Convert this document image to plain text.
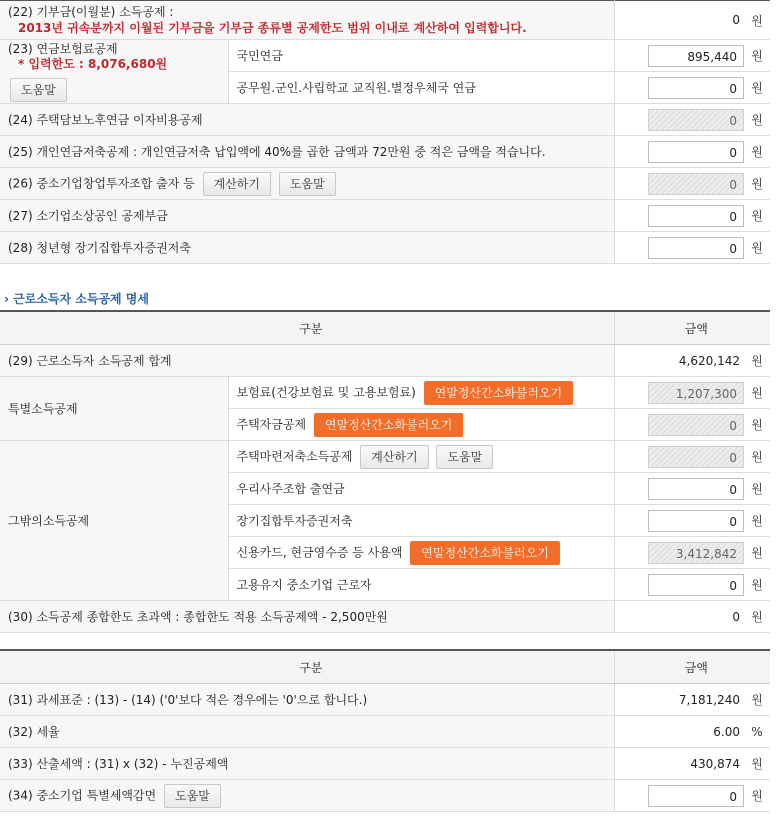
(22) 기부금(이월분) 소득공제 :
2013년 귀속분까지 이월된 기부금을 기부금 종류별 공제한도 범위 이내로 계산하여 입력합니다.		0 원

(23) 연금보험료공제
* 입력한도 : 8,076,680원
도움말	국민연금	895,440 원
	공무원.군인.사립학교 교직원.별정우체국 연금	0 원
(24) 주택담보노후연금 이자비용공제		0 원
(25) 개인연금저축공제 : 개인연금저축 납입액에 40%를 곱한 금액과 72만원 중 적은 금액을 적습니다.		0 원
(26) 중소기업창업투자조합 출자 등 계산하기 도움말		0 원
(27) 소기업소상공인 공제부금		0 원
(28) 청년형 장기집합투자증권저축		0 원
› 근로소득자 소득공제 명세
구분		금액
(29) 근로소득자 소득공제 합계		4,620,142 원
특별소득공제	보험료(건강보험료 및 고용보험료) 연말정산간소화불러오기	1,207,300 원
	주택자금공제 연말정산간소화불러오기	0 원
그밖의소득공제	주택마련저축소득공제 계산하기 도움말	0 원
	우리사주조합 출연금	0 원
	장기집합투자증권저축	0 원
	신용카드, 현금영수증 등 사용액 연말정산간소화불러오기	3,412,842 원
	고용유지 중소기업 근로자	0 원
(30) 소득공제 종합한도 초과액 : 종합한도 적용 소득공제액 - 2,500만원		0 원
구분	금액
(31) 과세표준 : (13) - (14) ('0'보다 적은 경우에는 '0'으로 합니다.)	7,181,240 원
(32) 세율	6.00 %
(33) 산출세액 : (31) x (32) - 누진공제액	430,874 원
(34) 중소기업 특별세액감면 도움말	0 원
